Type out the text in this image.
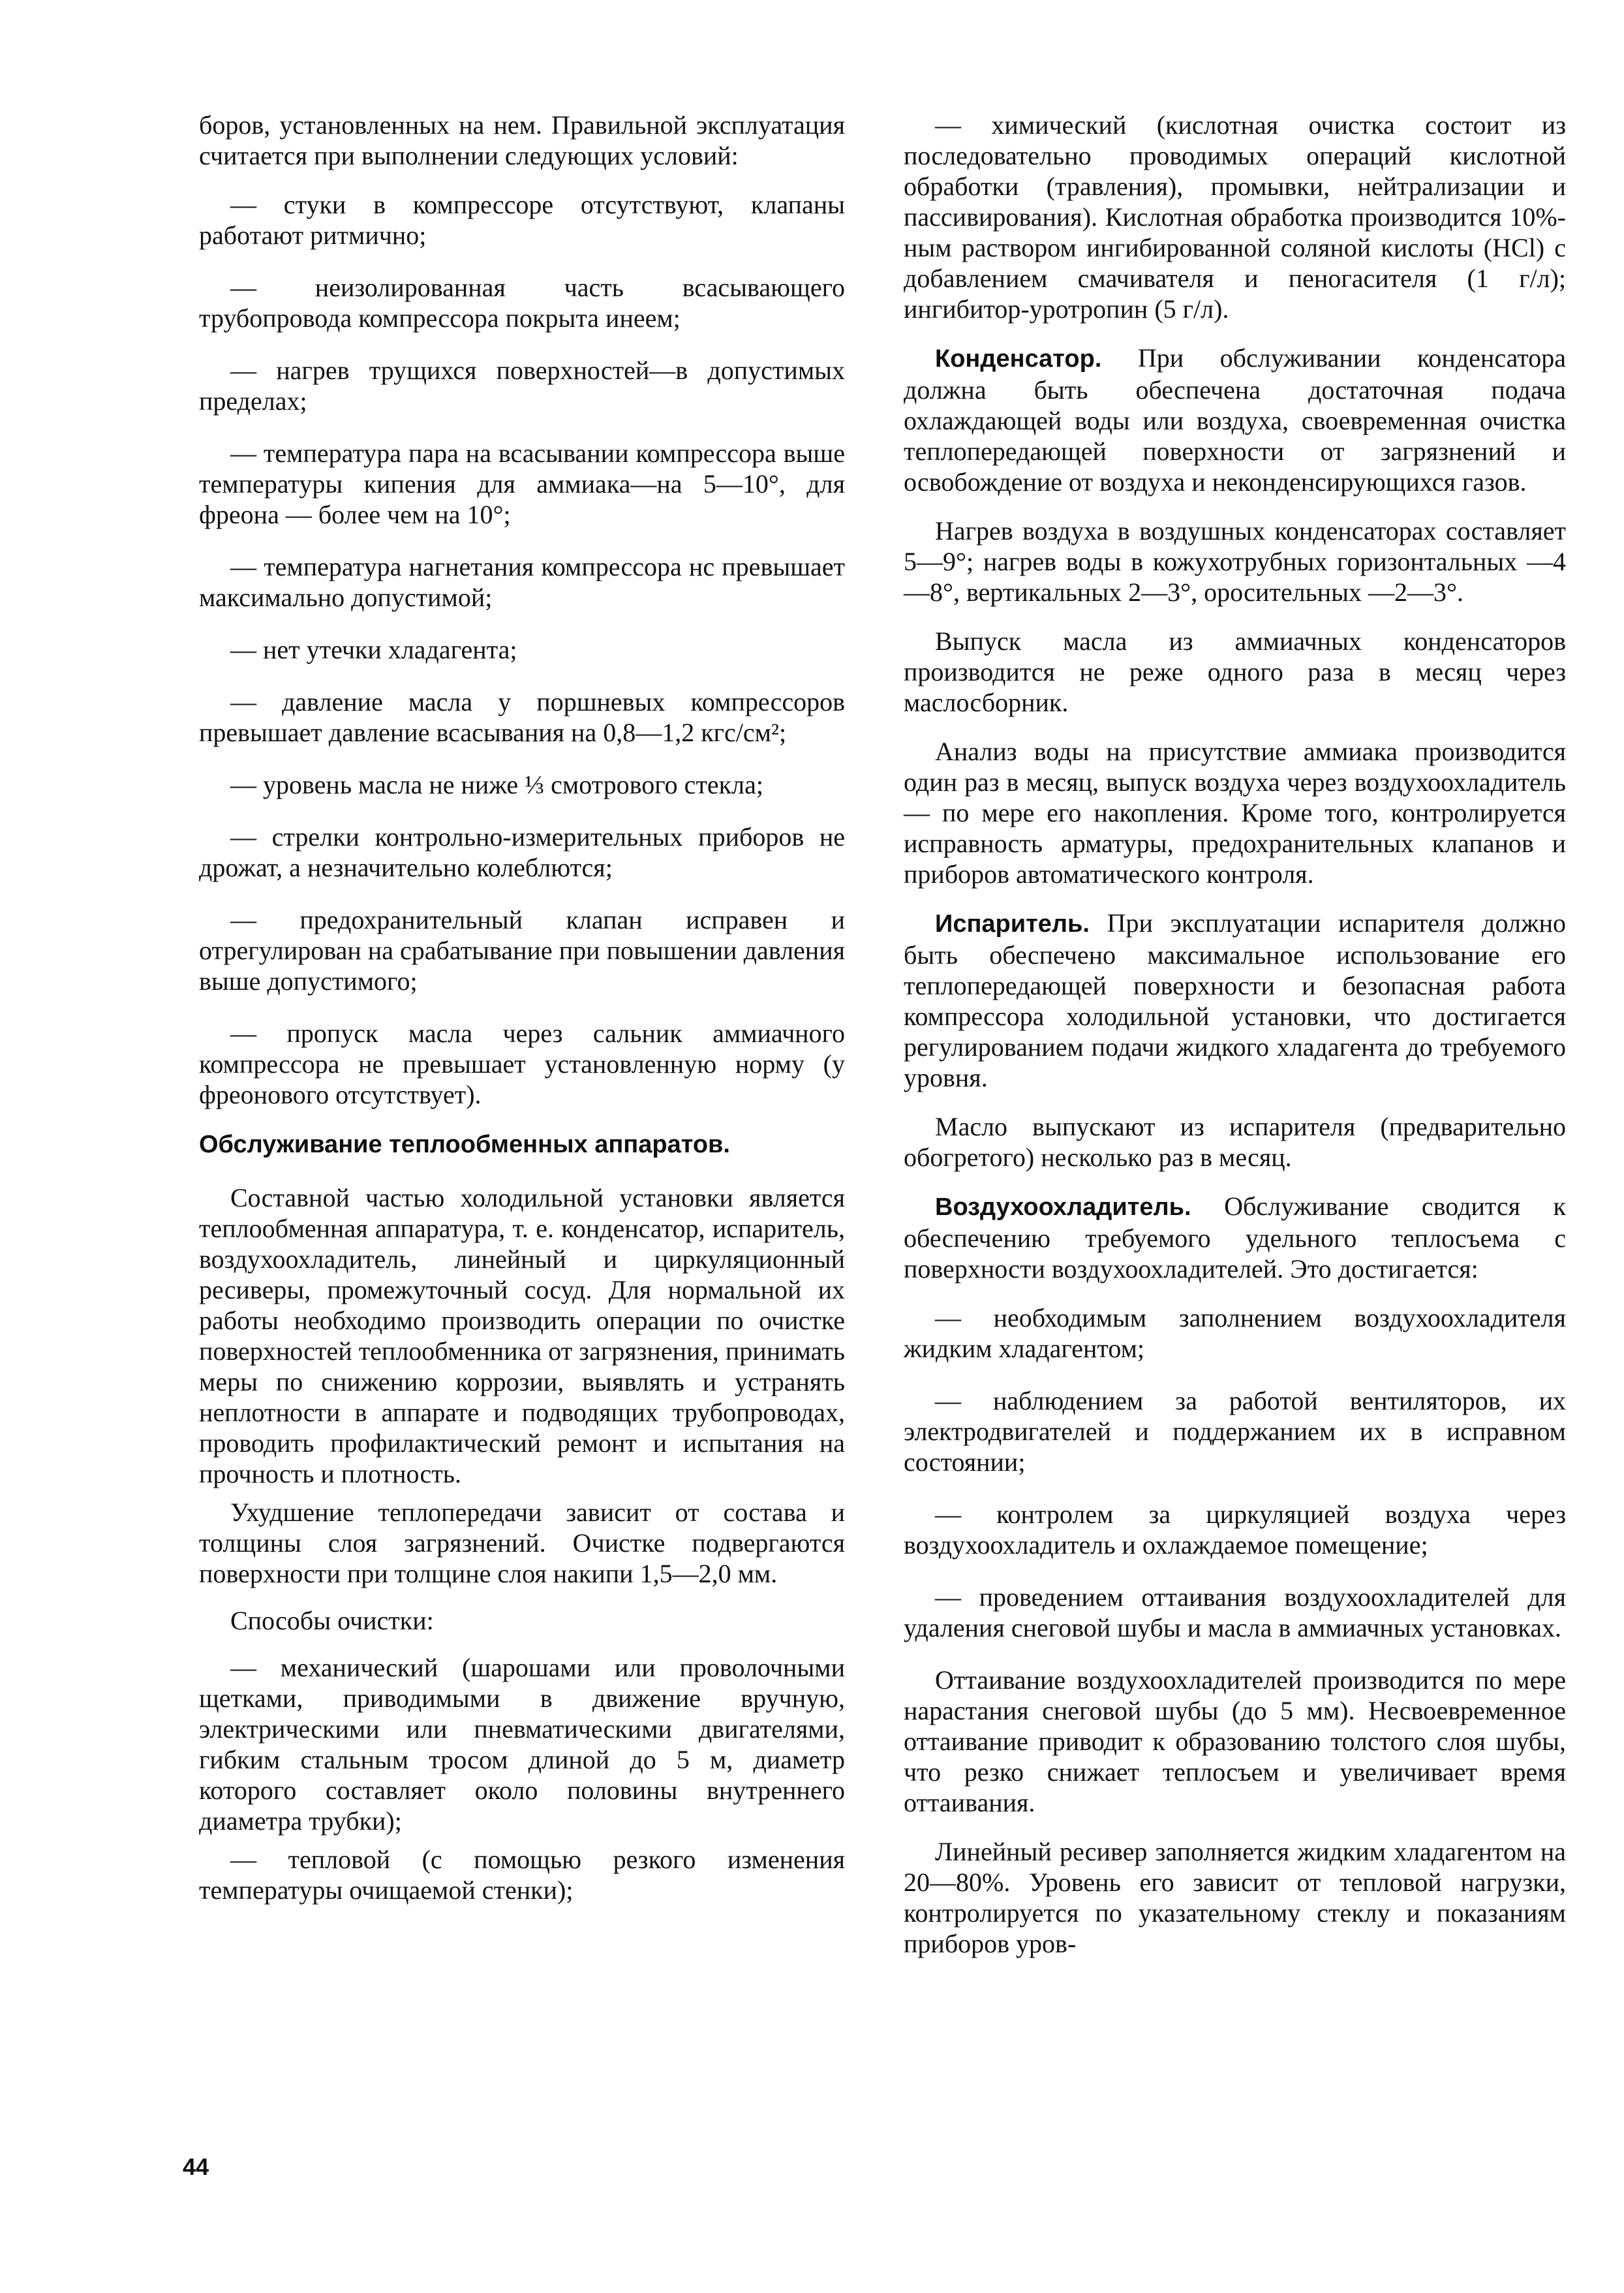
боров, установленных на нем. Правильной эксплуатация считается при выполнении следующих условий:

— стуки в компрессоре отсутствуют, клапаны работают ритмично;

— неизолированная часть всасывающего трубопровода компрессора покрыта инеем;

— нагрев трущихся поверхностей—в допустимых пределах;

— температура пара на всасывании компрессора выше температуры кипения для аммиака—на 5—10°, для фреона — более чем на 10°;

— температура нагнетания компрессора нс превышает максимально допустимой;

— нет утечки хладагента;

— давление масла у поршневых компрессоров превышает давление всасывания на 0,8—1,2 кгс/см²;

— уровень масла не ниже ⅓ смотрового стекла;

— стрелки контрольно-измерительных приборов не дрожат, а незначительно колеблются;

— предохранительный клапан исправен и отрегулирован на срабатывание при повышении давления выше допустимого;

— пропуск масла через сальник аммиачного компрессора не превышает установленную норму (у фреонового отсутствует).

Обслуживание теплообменных аппаратов.

Составной частью холодильной установки является теплообменная аппаратура, т. е. конденсатор, испаритель, воздухоохладитель, линейный и циркуляционный ресиверы, промежуточный сосуд. Для нормальной их работы необходимо производить операции по очистке поверхностей теплообменника от загрязнения, принимать меры по снижению коррозии, выявлять и устранять неплотности в аппарате и подводящих трубопроводах, проводить профилактический ремонт и испытания на прочность и плотность.

Ухудшение теплопередачи зависит от состава и толщины слоя загрязнений. Очистке подвергаются поверхности при толщине слоя накипи 1,5—2,0 мм.

Способы очистки:

— механический (шарошами или проволочными щетками, приводимыми в движение вручную, электрическими или пневматическими двигателями, гибким стальным тросом длиной до 5 м, диаметр которого составляет около половины внутреннего диаметра трубки);

— тепловой (с помощью резкого изменения температуры очищаемой стенки);

— химический (кислотная очистка состоит из последовательно проводимых операций кислотной обработки (травления), промывки, нейтрализации и пассивирования). Кислотная обработка производится 10%-ным раствором ингибированной соляной кислоты (HCl) с добавлением смачивателя и пеногасителя (1 г/л); ингибитор-уротропин (5 г/л).

Конденсатор. При обслуживании конденсатора должна быть обеспечена достаточная подача охлаждающей воды или воздуха, своевременная очистка теплопередающей поверхности от загрязнений и освобождение от воздуха и неконденсирующихся газов.

Нагрев воздуха в воздушных конденсаторах составляет 5—9°; нагрев воды в кожухотрубных горизонтальных —4—8°, вертикальных 2—3°, оросительных —2—3°.

Выпуск масла из аммиачных конденсаторов производится не реже одного раза в месяц через маслосборник.

Анализ воды на присутствие аммиака производится один раз в месяц, выпуск воздуха через воздухоохладитель — по мере его накопления. Кроме того, контролируется исправность арматуры, предохранительных клапанов и приборов автоматического контроля.

Испаритель. При эксплуатации испарителя должно быть обеспечено максимальное использование его теплопередающей поверхности и безопасная работа компрессора холодильной установки, что достигается регулированием подачи жидкого хладагента до требуемого уровня.

Масло выпускают из испарителя (предварительно обогретого) несколько раз в месяц.

Воздухоохладитель. Обслуживание сводится к обеспечению требуемого удельного теплосъема с поверхности воздухоохладителей. Это достигается:

— необходимым заполнением воздухоохладителя жидким хладагентом;

— наблюдением за работой вентиляторов, их электродвигателей и поддержанием их в исправном состоянии;

— контролем за циркуляцией воздуха через воздухоохладитель и охлаждаемое помещение;

— проведением оттаивания воздухоохладителей для удаления снеговой шубы и масла в аммиачных установках.

Оттаивание воздухоохладителей производится по мере нарастания снеговой шубы (до 5 мм). Несвоевременное оттаивание приводит к образованию толстого слоя шубы, что резко снижает теплосъем и увеличивает время оттаивания.

Линейный ресивер заполняется жидким хладагентом на 20—80%. Уровень его зависит от тепловой нагрузки, контролируется по указательному стеклу и показаниям приборов уров-

44
